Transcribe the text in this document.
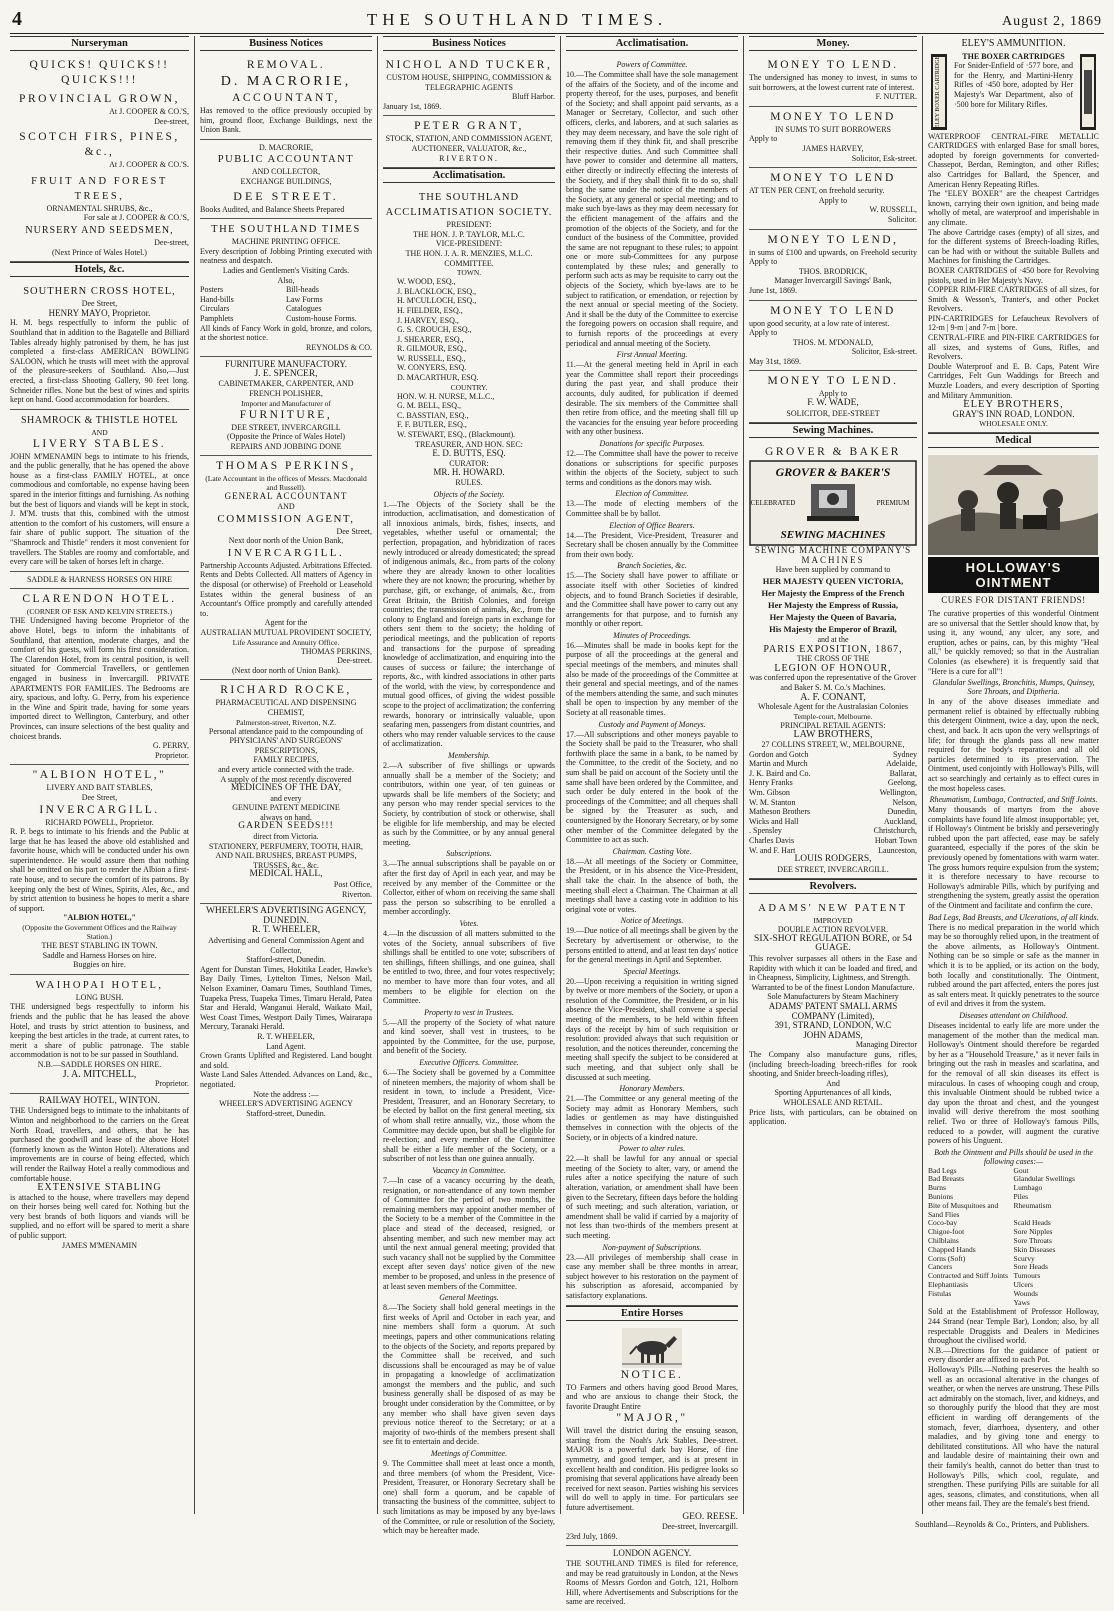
4	THE SOUTHLAND TIMES.	August 2, 1869
Nurseryman
QUICKS! QUICKS!! QUICKS!!!
PROVINCIAL GROWN,
At J. COOPER & CO.'S,
Dee-street,
SCOTCH FIRS, PINES, &c.,
At J. COOPER & CO.'S.
FRUIT AND FOREST TREES,
ORNAMENTAL SHRUBS, &c.,
For sale at J. COOPER & CO.'S,
NURSERY AND SEEDSMEN,
Dee-street,
(Next Prince of Wales Hotel.)
Hotels, &c.
SOUTHERN CROSS HOTEL,
Dee Street,
HENRY MAYO, Proprietor.
H. M. begs respectfully to inform the public of Southland that in addition to the Bagatelle and Billiard Tables already highly patronised by them, he has just completed a first-class AMERICAN BOWLING SALOON, which he trusts will meet with the approval of the pleasure-seekers of Southland. Also,—Just erected, a first-class Shooting Gallery, 90 feet long. Schneider rifles. None but the best of wines and spirits kept on hand. Good accommodation for boarders.
SHAMROCK & THISTLE HOTEL
AND
LIVERY STABLES.
JOHN M'MENAMIN begs to intimate to his friends, and the public generally, that he has opened the above house as a first-class FAMILY HOTEL, at once commodious and comfortable, no expense having been spared in the interior fittings and furnishing. As nothing but the best of liquors and viands will be kept in stock, J. M'M. trusts that this, combined with the utmost attention to the comfort of his customers, will ensure a fair share of public support. The situation of the "Shamrock and Thistle" renders it most convenient for travellers. The Stables are roomy and comfortable, and every care will be taken of horses left in charge.
SADDLE & HARNESS HORSES ON HIRE
CLARENDON HOTEL.
(CORNER OF ESK AND KELVIN STREETS.)
THE Undersigned having become Proprietor of the above Hotel, begs to inform the inhabitants of Southland, that attention, moderate charges, and the comfort of his guests, will form his first consideration. The Clarendon Hotel, from its central position, is well situated for Commercial Travellers, or gentlemen engaged in business in Invercargill. PRIVATE APARTMENTS FOR FAMILIES. The Bedrooms are airy, spacious, and lofty. G. Perry, from his experience in the Wine and Spirit trade, having for some years imported direct to Wellington, Canterbury, and other Provinces, can insure selections of the best quality and choicest brands.
G. PERRY,
Proprietor.
"ALBION HOTEL,"
LIVERY AND BAIT STABLES,
Dee Street,
INVERCARGILL.
RICHARD POWELL, Proprietor.
R. P. begs to intimate to his friends and the Public at large that he has leased the above old established and favorite house, which will be conducted under his own superintendence. He would assure them that nothing shall be omitted on his part to render the Albion a first-rate house, and to secure the comfort of its patrons. By keeping only the best of Wines, Spirits, Ales, &c., and by strict attention to business he hopes to merit a share of support.
"ALBION HOTEL,"
(Opposite the Government Offices and the Railway Station.)
THE BEST STABLING IN TOWN.
Saddle and Harness Horses on hire.
Buggies on hire.
WAIHOPAI HOTEL,
LONG BUSH.
THE undersigned begs respectfully to inform his friends and the public that he has leased the above Hotel, and trusts by strict attention to business, and keeping the best articles in the trade, at current rates, to merit a share of public patronage. The stable accommodation is not to be sur passed in Southland.
N.B.—SADDLE HORSES ON HIRE.
J. A. MITCHELL,
Proprietor.
RAILWAY HOTEL, WINTON.
THE Undersigned begs to intimate to the inhabitants of Winton and neighborhood to the carriers on the Great North Road, travellers, and others, that he has purchased the goodwill and lease of the above Hotel (formerly known as the Winton Hotel). Alterations and improvements are in course of being effected, which will render the Railway Hotel a really commodious and comfortable house.
EXTENSIVE STABLING
is attached to the house, where travellers may depend on their horses being well cared for. Nothing but the very best brands of both liquors and viands will be supplied, and no effort will be spared to merit a share of public support.
JAMES M'MENAMIN
Business Notices
REMOVAL.
D. MACRORIE,
ACCOUNTANT,
Has removed to the office previously occupied by him, ground floor, Exchange Buildings, next the Union Bank.
D. MACRORIE,
PUBLIC ACCOUNTANT
AND COLLECTOR,
EXCHANGE BUILDINGS,
DEE STREET.
Books Audited, and Balance Sheets Prepared
THE SOUTHLAND TIMES
MACHINE PRINTING OFFICE.
Every description of Jobbing Printing executed with neatness and despatch.
Ladies and Gentlemen's Visiting Cards.
Also,
Posters	Bill-heads
Hand-bills	Law Forms
Circulars	Catalogues
Pamphlets	Custom-house Forms.
All kinds of Fancy Work in gold, bronze, and colors, at the shortest notice.
REYNOLDS & CO.
FURNITURE MANUFACTORY.
J. E. SPENCER,
CABINETMAKER, CARPENTER, AND
FRENCH POLISHER,
Importer and Manufacturer of
FURNITURE,
DEE STREET, INVERCARGILL
(Opposite the Prince of Wales Hotel)
REPAIRS AND JOBBING DONE
THOMAS PERKINS,
(Late Accountant in the offices of Messrs. Macdonald and Russell).
GENERAL ACCOUNTANT
AND
COMMISSION AGENT,
Dee Street,
Next door north of the Union Bank,
INVERCARGILL.
Partnership Accounts Adjusted. Arbitrations Effected. Rents and Debts Collected. All matters of Agency in the disposal (or otherwise) of Freehold or Leasehold Estates within the general business of an Accountant's Office promptly and carefully attended to.
Agent for the
AUSTRALIAN MUTUAL PROVIDENT SOCIETY,
Life Assurance and Annuity Office.
THOMAS PERKINS,
Dee-street.
(Next door north of Union Bank).
RICHARD ROCKE,
PHARMACEUTICAL AND DISPENSING CHEMIST,
Palmerston-street, Riverton, N.Z.
Personal attendance paid to the compounding of PHYSICIANS' AND SURGEONS' PRESCRIPTIONS,
FAMILY RECIPES,
and every article connected with the trade.
A supply of the most recently discovered
MEDICINES OF THE DAY,
and every
GENUINE PATENT MEDICINE
always on hand.
GARDEN SEEDS!!!
direct from Victoria.
STATIONERY, PERFUMERY, TOOTH, HAIR, AND NAIL BRUSHES, BREAST PUMPS, TRUSSES, &c., &c.
MEDICAL HALL,
Post Office,
Riverton.
WHEELER'S ADVERTISING AGENCY, DUNEDIN.
R. T. WHEELER,
Advertising and General Commission Agent and Collector,
Stafford-street, Dunedin.
Agent for Dunstan Times, Hokitika Leader, Hawke's Bay Daily Times, Lyttelton Times, Nelson Mail, Nelson Examiner, Oamaru Times, Southland Times, Tuapeka Press, Tuapeka Times, Timaru Herald, Patea Star and Herald, Wanganui Herald, Waikato Mail, West Coast Times, Westport Daily Times, Wairarapa Mercury, Taranaki Herald.
R. T. WHEELER,
Land Agent.
Crown Grants Uplifted and Registered. Land bought and sold.
Waste Land Sales Attended. Advances on Land, &c., negotiated.
Note the address :—
WHEELER'S ADVERTISING AGENCY
Stafford-street, Dunedin.
Business Notices
NICHOL AND TUCKER,
CUSTOM HOUSE, SHIPPING, COMMISSION & TELEGRAPHIC AGENTS
Bluff Harbor.
January 1st, 1869.
PETER GRANT,
STOCK, STATION, AND COMMISSION AGENT,
AUCTIONEER, VALUATOR, &c.,
RIVERTON.
Acclimatisation.
THE SOUTHLAND ACCLIMATISATION SOCIETY.
PRESIDENT:
THE HON. J. P. TAYLOR, M.L.C.
VICE-PRESIDENT:
THE HON. J. A. R. MENZIES, M.L.C.
COMMITTEE.
TOWN.
W. WOOD, ESQ.,
J. BLACKLOCK, ESQ.,
H. M'CULLOCH, ESQ.,
H. FIELDER, ESQ.,
J. HARVEY, ESQ.,
G. S. CROUCH, ESQ.,
J. SHEARER, ESQ.,
R. GILMOUR, ESQ.,
W. RUSSELL, ESQ.,
W. CONYERS, ESQ.
D. MACARTHUR, ESQ.
COUNTRY.
HON. W. H. NURSE, M.L.C.,
G. M. BELL, ESQ.,
C. BASSTIAN, ESQ.,
F. F. BUTLER, ESQ.,
W. STEWART, ESQ., (Blackmount).
TREASURER, AND HON. SEC:
E. D. BUTTS, ESQ.
CURATOR:
MR. H. HOWARD.
RULES.
Objects of the Society.
1.—The Objects of the Society shall be the introduction, acclimatisation, and domestication of all innoxious animals, birds, fishes, insects, and vegetables, whether useful or ornamental; the perfection, propagation, and hybridization of races newly introduced or already domesticated; the spread of indigenous animals, &c., from parts of the colony where they are already known to other localities where they are not known; the procuring, whether by purchase, gift, or exchange, of animals, &c., from Great Britain, the British Colonies, and foreign countries; the transmission of animals, &c., from the colony to England and foreign parts in exchange for others sent them to the society; the holding of periodical meetings, and the publication of reports and transactions for the purpose of spreading knowledge of acclimatization, and enquiring into the causes of success or failure; the interchange of reports, &c., with kindred associations in other parts of the world, with the view, by correspondence and mutual good offices, of giving the widest possible scope to the project of acclimatization; the conferring rewards, honorary or intrinsically valuable, upon seafaring men, passengers from distant countries, and others who may render valuable services to the cause of acclimatization.
Membership.
2.—A subscriber of five shillings or upwards annually shall be a member of the Society; and contributors, within one year, of ten guineas or upwards shall be life members of the Society; and any person who may render special services to the Society, by contribution of stock or otherwise, shall be eligible for life membership, and may be elected as such by the Committee, or by any annual general meeting.
Subscriptions.
3.—The annual subscriptions shall be payable on or after the first day of April in each year, and may be received by any member of the Committee or the Collector, either of whom on receiving the same shall pass the person so subscribing to be enrolled a member accordingly.
Votes.
4.—In the discussion of all matters submitted to the votes of the Society, annual subscribers of five shillings shall be entitled to one vote; subscribers of ten shillings, fifteen shillings, and one guinea, shall be entitled to two, three, and four votes respectively; no member to have more than four votes, and all members to be eligible for election on the Committee.
Property to vest in Trustees.
5.—All the property of the Society of what nature and kind soever, shall vest in trustees, to be appointed by the Committee, for the use, purpose, and benefit of the Society.
Executive Officers. Committee.
6.—The Society shall be governed by a Committee of nineteen members, the majority of whom shall be resident in town, to include a President, Vice-President, Treasurer, and an Honorary Secretary, to be elected by ballot on the first general meeting, six of whom shall retire annually, viz., those whom the Committee may decide upon, but shall be eligible for re-election; and every member of the Committee shall be either a life member of the Society, or a subscriber of not less than one guinea annually.
Vacancy in Committee.
7.—In case of a vacancy occurring by the death, resignation, or non-attendance of any town member of Committee for the period of two months, the remaining members may appoint another member of the Society to be a member of the Committee in the place and stead of the deceased, resigned, or absenting member, and such new member may act until the next annual general meeting; provided that such vacancy shall not be supplied by the Committee except after seven days' notice given of the new member to be proposed, and unless in the presence of at least seven members of the Committee.
General Meetings.
8.—The Society shall hold general meetings in the first weeks of April and October in each year, and nine members shall form a quorum. At such meetings, papers and other communications relating to the objects of the Society, and reports prepared by the Committee shall be received, and such discussions shall be encouraged as may be of value in propagating a knowledge of acclimatization amongst the members and the public, and such business generally shall be disposed of as may be brought under consideration by the Committee, or by any member who shall have given seven days previous notice thereof to the Secretary; or at a majority of two-thirds of the members present shall see fit to entertain and decide.
Meetings of Committee.
9. The Committee shall meet at least once a month, and three members (of whom the President, Vice-President, Treasurer, or Honorary Secretary shall be one) shall form a quorum, and be capable of transacting the business of the committee, subject to such limitations as may be imposed by any bye-laws of the Committee, or rule or resolution of the Society, which may be hereafter made.
Acclimatisation.
Powers of Committee.
10.—The Committee shall have the sole management of the affairs of the Society, and of the income and property thereof, for the uses, purposes, and benefit of the Society; and shall appoint paid servants, as a Manager or Secretary, Collector, and such other officers, clerks, and laborers, and at such salaries as they may deem necessary, and have the sole right of removing them if they think fit, and shall prescribe their respective duties. And such Committee shall have power to consider and determine all matters, either directly or indirectly effecting the interests of the Society, and if they shall think fit to do so, shall bring the same under the notice of the members of the Society, at any general or special meeting; and to make such bye-laws as they may deem necessary for the efficient management of the affairs and the promotion of the objects of the Society, and for the conduct of the business of the Committee, provided the same are not repugnant to these rules; to appoint one or more sub-Committees for any purpose contemplated by these rules; and generally to perform such acts as may be requisite to carry out the objects of the Society, which bye-laws are to be subject to ratification, or emendation, or rejection by the next annual or special meeting of the Society. And it shall be the duty of the Committee to exercise the foregoing powers on occasion shall require, and to furnish reports of the proceedings at every periodical and annual meeting of the Society.
First Annual Meeting.
11.—At the general meeting held in April in each year the Committee shall report their proceedings during the past year, and shall produce their accounts, duly audited, for publication if deemed desirable. The six members of the Committee shall then retire from office, and the meeting shall fill up the vacancies for the ensuing year before proceeding with any other business.
Donations for specific Purposes.
12.—The Committee shall have the power to receive donations or subscriptions for specific purposes within the objects of the Society, subject to such terms and conditions as the donors may wish.
Election of Committee.
13.—The mode of electing members of the Committee shall be by ballot.
Election of Office Bearers.
14.—The President, Vice-President, Treasurer and Secretary shall be chosen annually by the Committee from their own body.
Branch Societies, &c.
15.—The Society shall have power to affiliate or associate itself with other Societies of kindred objects, and to found Branch Societies if desirable, and the Committee shall have power to carry out any arrangements for that purpose, and to furnish any monthly or other report.
Minutes of Proceedings.
16.—Minutes shall be made in books kept for the purpose of all the proceedings at the general and special meetings of the members, and minutes shall also be made of the proceedings of the Committee at their general and special meetings, and of the names of the members attending the same, and such minutes shall be open to inspection by any member of the Society at all reasonable times.
Custody and Payment of Moneys.
17.—All subscriptions and other moneys payable to the Society shall be paid to the Treasurer, who shall forthwith place the same in a bank, to be named by the Committee, to the credit of the Society, and no sum shall be paid on account of the Society until the same shall have been ordered by the Committee, and such order be duly entered in the book of the proceedings of the Committee; and all cheques shall be signed by the Treasurer as such, and countersigned by the Honorary Secretary, or by some other member of the Committee delegated by the Committee to act as such.
Chairman. Casting Vote.
18.—At all meetings of the Society or Committee, the President, or in his absence the Vice-President, shall take the chair. In the absence of both, the meeting shall elect a Chairman. The Chairman at all meetings shall have a casting vote in addition to his original vote or votes.
Notice of Meetings.
19.—Due notice of all meetings shall be given by the Secretary by advertisement or otherwise, to the persons entitled to attend, and at least ten days' notice for the general meetings in April and September.
Special Meetings.
20.—Upon receiving a requisition in writing signed by twelve or more members of the Society, or upon a resolution of the Committee, the President, or in his absence the Vice-President, shall convene a special meeting of the members, to be held within fifteen days of the receipt by him of such requisition or resolution: provided always that such requisition or resolution, and the notices thereunder, concerning the meeting shall specify the subject to be considered at such meeting, and that subject only shall be discussed at such meeting.
Honorary Members.
21.—The Committee or any general meeting of the Society may admit as Honorary Members, such ladies or gentlemen as may have distinguished themselves in connection with the objects of the Society, or in objects of a kindred nature.
Power to alter rules.
22.—It shall be lawful for any annual or special meeting of the Society to alter, vary, or amend the rules after a notice specifying the nature of such alteration, variation, or amendment shall have been given to the Secretary, fifteen days before the holding of such meeting; and such alteration, variation, or amendment shall be valid if carried by a majority of not less than two-thirds of the members present at such meeting.
Non-payment of Subscriptions.
23.—All privileges of membership shall cease in case any member shall be three months in arrear, subject however to his restoration on the payment of his subscription as aforesaid, accompanied by satisfactory explanations.
Entire Horses
NOTICE.
TO Farmers and others having good Brood Mares, and who are anxious to change their Stock, the favorite Draught Entire
"MAJOR,"
Will travel the district during the ensuing season, starting from the Noah's Ark Stables, Dee-street. MAJOR is a powerful dark bay Horse, of fine symmetry, and good temper, and is at present in excellent health and condition. His pedigree looks so promising that several applications have already been received for next season. Parties wishing his services will do well to apply in time. For particulars see future advertisement.
GEO. REESE.
Dee-street, Invercargill.
23rd July, 1869.
LONDON AGENCY.
THE SOUTHLAND TIMES is filed for reference, and may be read gratuitously in London, at the News Rooms of Messrs Gordon and Gotch, 121, Holborn Hill, where Advertisements and Subscriptions for the same are received.
Money.
MONEY TO LEND.
The undersigned has money to invest, in sums to suit borrowers, at the lowest current rate of interest.
F. NUTTER.
MONEY TO LEND
IN SUMS TO SUIT BORROWERS
Apply to
JAMES HARVEY,
Solicitor, Esk-street.
MONEY TO LEND
AT TEN PER CENT, on freehold security.
Apply to
W. RUSSELL,
Solicitor.
MONEY TO LEND,
in sums of £100 and upwards, on Freehold security Apply to
THOS. BRODRICK,
Manager Invercargill Savings' Bank,
June 1st, 1869.
MONEY TO LEND
upon good security, at a low rate of interest.
Apply to
THOS. M. M'DONALD,
Solicitor, Esk-street.
May 31st, 1869.
MONEY TO LEND.
Apply to
F. W. WADE,
SOLICITOR, DEE-STREET
Sewing Machines.
GROVER & BAKER
GROVER & BAKER'S
CELEBRATED	PREMIUM
SEWING MACHINES
SEWING MACHINE COMPANY'S
MACHINES
Have been supplied by command to
HER MAJESTY QUEEN VICTORIA,
Her Majesty the Empress of the French
Her Majesty the Empress of Russia,
Her Majesty the Queen of Bavaria,
His Majesty the Emperor of Brazil,
and at the
PARIS EXPOSITION, 1867,
THE CROSS OF THE
LEGION OF HONOUR,
was conferred upon the representative of the Grover and Baker S. M. Co.'s Machines.
A. F. CONANT,
Wholesale Agent for the Australasian Colonies
Temple-court, Melbourne.
PRINCIPAL RETAIL AGENTS:
LAW BROTHERS,
27 COLLINS STREET, W., MELBOURNE,
Gordon and Gotch	Sydney
Martin and Murch	Adelaide,
J. K. Baird and Co.	Ballarat,
Henry Franks	Geelong,
Wm. Gibson	Wellington,
W. M. Stanton	Nelson,
Matheson Brothers	Dunedin,
Wicks and Hall	Auckland,
. Spensley	Christchurch,
Charles Davis	Hobart Town
W. and F. Hart	Launceston,
LOUIS RODGERS,
DEE STREET, INVERCARGILL.
Revolvers.
ADAMS' NEW PATENT
IMPROVED
DOUBLE ACTION REVOLVER.
SIX-SHOT REGULATION BORE, or 54 GUAGE.
This revolver surpasses all others in the Ease and Rapidity with which it can be loaded and fired, and in Cheapness, Simplicity, Lightness, and Strength.
Warranted to be of the finest London Manufacture.
Sole Manufacturers by Steam Machinery
ADAMS' PATENT SMALL ARMS COMPANY (Limited),
391, STRAND, LONDON, W.C
JOHN ADAMS,
Managing Director
The Company also manufacture guns, rifles, (including breech-loading breech-rifles for rook shooting, and Snider breech-loading rifles),
And
Sporting Appurtenances of all kinds,
WHOLESALE AND RETAIL.
Price lists, with particulars, can be obtained on application.
ELEY'S AMMUNITION.
ELEY BOXER CARTRIDGE	THE BOXER CARTRIDGES
For Snider-Enfield of ·577 bore, and for the Henry, and Martini-Henry Rifles of ·450 bore, adopted by Her Majesty's War Department, also of ·500 bore for Military Rifles.
WATERPROOF CENTRAL-FIRE METALLIC CARTRIDGES with enlarged Base for small bores, adopted by foreign governments for converted-Chassepot, Berdan, Remington, and other Rifles; also Cartridges for Ballard, the Spencer, and American Henry Repeating Rifles.
The "ELEY BOXER" are the cheapest Cartridges known, carrying their own ignition, and being made wholly of metal, are waterproof and imperishable in any climate.
The above Cartridge cases (empty) of all sizes, and for the different systems of Breech-loading Rifles, can be had with or without the suitable Bullets and Machines for finishing the Cartridges.
BOXER CARTRIDGES of ·450 bore for Revolving pistols, used in Her Majesty's Navy.
COPPER RIM-FIRE CARTRIDGES of all sizes, for Smith & Wesson's, Tranter's, and other Pocket Revolvers.
PIN-CARTRIDGES for Lefaucheux Revolvers of 12-m | 9-m | and 7-m | bore.
CENTRAL-FIRE and PIN-FIRE CARTRIDGES for all sizes, and systems of Guns, Rifles, and Revolvers.
Double Waterproof and E. B. Caps, Patent Wire Cartridges, Felt Gun Waddings for Breech and Muzzle Loaders, and every description of Sporting and Military Ammunition.
ELEY BROTHERS,
GRAY'S INN ROAD, LONDON.
WHOLESALE ONLY.
Medical
HOLLOWAY'S OINTMENT
CURES FOR DISTANT FRIENDS!
The curative properties of this wonderful Ointment are so universal that the Settler should know that, by using it, any wound, any ulcer, any sore, and eruption, aches or pains, can, by this mighty "Heal all," be quickly removed; so that in the Australian Colonies (as elsewhere) it is frequently said that "Here is a cure for all"!
Glandular Swellings, Bronchitis, Mumps, Quinsey, Sore Throats, and Diptheria.
In any of the above diseases immediate and permanent relief is obtained by effectually rubbing this detergent Ointment, twice a day, upon the neck, chest, and back. It acts upon the very wellsprings of life; for through the glands pass all new matter required for the body's reparation and all old particles determined to its preservation. The Ointment, used conjointly with Holloway's Pills, will act so searchingly and certainly as to effect cures in the most hopeless cases.
Rheumatism, Lumbago, Contracted, and Stiff Joints.
Many thousands of martyrs from the above complaints have found life almost insupportable; yet, if Holloway's Ointment be briskly and perseveringly rubbed upon the part affected, ease may be safely guaranteed, especially if the pores of the skin be previously opened by fomentations with warm water. The gross humors require expulsion from the system; it is therefore necessary to have recourse to Holloway's admirable Pills, which by purifying and strengthening the system, greatly assist the operation of the Ointment and facilitate and confirm the cure.
Bad Legs, Bad Breasts, and Ulcerations, of all kinds.
There is no medical preparation in the world which may be so thoroughly relied upon, in the treatment of the above ailments, as Holloway's Ointment. Nothing can be so simple or safe as the manner in which it is to be applied, or its action on the body, both locally and constitutionally. The Ointment, rubbed around the part affected, enters the pores just as salt enters meat. It quickly penetrates to the source of evil and drives it from the system.
Diseases attendant on Childhood.
Diseases incidental to early life are more under the management of the mother than the medical man. Holloway's Ointment should therefore be regarded by her as a "Household Treasure," as it never fails in bringing out the rash in measles and scarlatina, and for the removal of all skin diseases its effect is miraculous. In cases of whooping cough and croup, this invaluable Ointment should be rubbed twice a day upon the throat and chest, and the youngest invalid will derive therefrom the most soothing relief. Two or three of Holloway's famous Pills, reduced to a powder, will augment the curative powers of his Unguent.
Both the Ointment and Pills should be used in the following cases:—
Bad Legs	Gout
Bad Breasts	Glandular Swellings
Burns	Lumbago
Bunions	Piles
Bite of Musquitoes and Sand Flies
Rheumatism
Coco-bay	Scald Heads
Chigoe-foot	Sore Nipples
Chilblains	Sore Throats
Chapped Hands	Skin Diseases
Corns (Soft)	Scurvy
Cancers	Sore Heads
Contracted and Stiff Joints Tumours
Elephantiasis	Ulcers
Fistulas	Wounds
Yaws
Sold at the Establishment of Professor Holloway, 244 Strand (near Temple Bar), London; also, by all respectable Druggists and Dealers in Medicines throughout the civilised world.
N.B.—Directions for the guidance of patient or every disorder are affixed to each Pot.
Holloway's Pills.—Nothing preserves the health so well as an occasional alterative in the changes of weather, or when the nerves are unstrung. These Pills act admirably on the stomach, liver, and kidneys, and so thoroughly purify the blood that they are most efficient in warding off derangements of the stomach, fever, diarrhoea, dysentery, and other maladies, and by giving tone and energy to debilitated constitutions. All who have the natural and laudable desire of maintaining their own and their family's health, cannot do better than trust to Holloway's Pills, which cool, regulate, and strengthen. These purifying Pills are suitable for all ages, seasons, climates, and constitutions, when all other means fail. They are the female's best friend.
Southland—Reynolds & Co., Printers, and Publishers.
